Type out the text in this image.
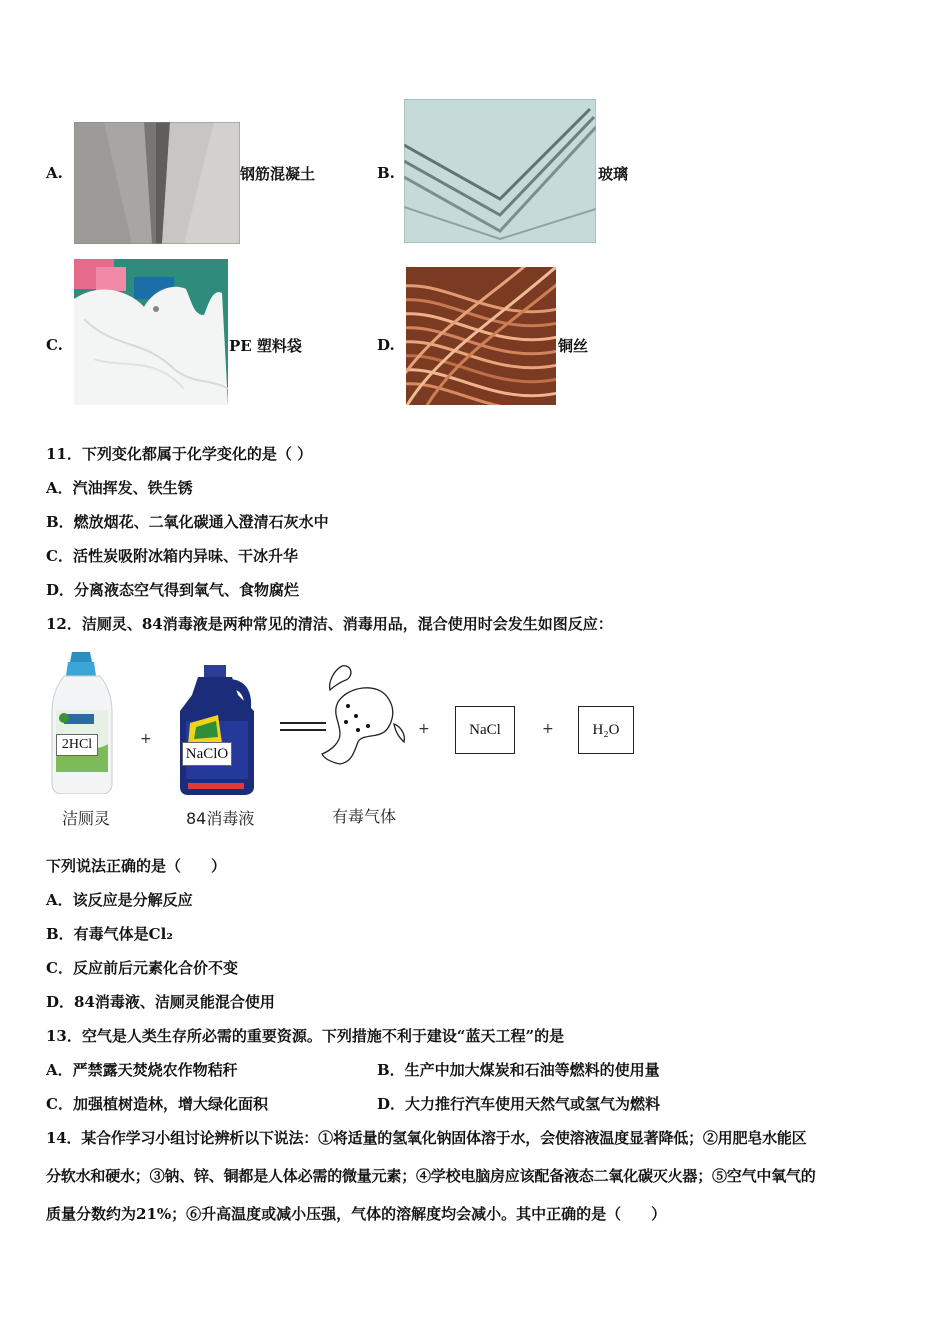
A.	钢筋混凝土	B.	玻璃
C.	PE 塑料袋	D.	铜丝
11．下列变化都属于化学变化的是（ ）
A．汽油挥发、铁生锈
B．燃放烟花、二氧化碳通入澄清石灰水中
C．活性炭吸附冰箱内异味、干冰升华
D．分离液态空气得到氧气、食物腐烂
12．洁厕灵、84消毒液是两种常见的清洁、消毒用品，混合使用时会发生如图反应：
2HCl	+
NaClO
+	NaCl	+	H₂O
洁厕灵	84消毒液	有毒气体
下列说法正确的是（　　）
A．该反应是分解反应
B．有毒气体是Cl₂
C．反应前后元素化合价不变
D．84消毒液、洁厕灵能混合使用
13．空气是人类生存所必需的重要资源。下列措施不利于建设“蓝天工程”的是
A．严禁露天焚烧农作物秸秆	B．生产中加大煤炭和石油等燃料的使用量
C．加强植树造林，增大绿化面积	D．大力推行汽车使用天然气或氢气为燃料
14．某合作学习小组讨论辨析以下说法：①将适量的氢氧化钠固体溶于水，会使溶液温度显著降低；②用肥皂水能区
分软水和硬水；③钠、锌、铜都是人体必需的微量元素；④学校电脑房应该配备液态二氧化碳灭火器；⑤空气中氧气的
质量分数约为21%；⑥升高温度或减小压强，气体的溶解度均会减小。其中正确的是（　　）
